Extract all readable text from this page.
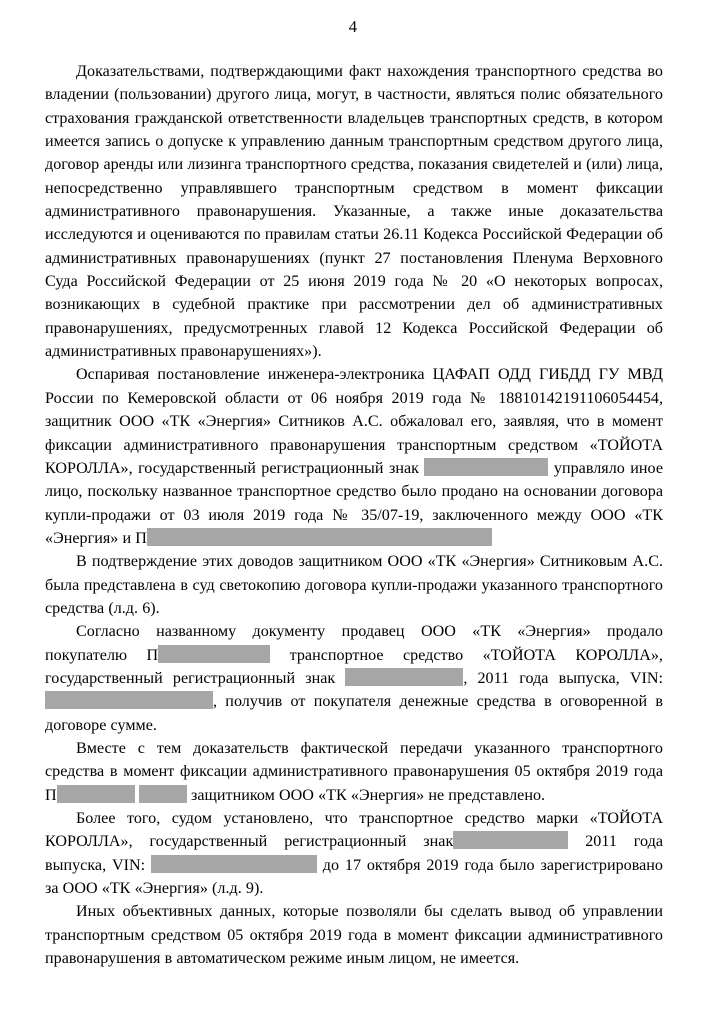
4

Доказательствами, подтверждающими факт нахождения транспортного средства во владении (пользовании) другого лица, могут, в частности, являться полис обязательного страхования гражданской ответственности владельцев транспортных средств, в котором имеется запись о допуске к управлению данным транспортным средством другого лица, договор аренды или лизинга транспортного средства, показания свидетелей и (или) лица, непосредственно управлявшего транспортным средством в момент фиксации административного правонарушения. Указанные, а также иные доказательства исследуются и оцениваются по правилам статьи 26.11 Кодекса Российской Федерации об административных правонарушениях (пункт 27 постановления Пленума Верховного Суда Российской Федерации от 25 июня 2019 года № 20 «О некоторых вопросах, возникающих в судебной практике при рассмотрении дел об административных правонарушениях, предусмотренных главой 12 Кодекса Российской Федерации об административных правонарушениях»).

Оспаривая постановление инженера-электроника ЦАФАП ОДД ГИБДД ГУ МВД России по Кемеровской области от 06 ноября 2019 года № 18810142191106054454, защитник ООО «ТК «Энергия» Ситников А.С. обжаловал его, заявляя, что в момент фиксации административного правонарушения транспортным средством «ТОЙОТА КОРОЛЛА», государственный регистрационный знак	управляло иное лицо, поскольку названное транспортное средство было продано на основании договора купли-продажи от 03 июля 2019 года № 35/07-19, заключенного между ООО «ТК «Энергия» и П

В подтверждение этих доводов защитником ООО «ТК «Энергия» Ситниковым А.С. была представлена в суд светокопию договора купли-продажи указанного транспортного средства (л.д. 6).

Согласно названному документу продавец ООО «ТК «Энергия» продало покупателю П	транспортное средство «ТОЙОТА КОРОЛЛА», государственный регистрационный знак	, 2011 года выпуска, VIN: , получив от покупателя денежные средства в оговоренной в договоре сумме.

Вместе с тем доказательств фактической передачи указанного транспортного средства в момент фиксации административного правонарушения 05 октября 2019 года П	защитником ООО «ТК «Энергия» не представлено.

Более того, судом установлено, что транспортное средство марки «ТОЙОТА КОРОЛЛА», государственный регистрационный знак	2011 года выпуска, VIN:	до 17 октября 2019 года было зарегистрировано за ООО «ТК «Энергия» (л.д. 9).

Иных объективных данных, которые позволяли бы сделать вывод об управлении транспортным средством 05 октября 2019 года в момент фиксации административного правонарушения в автоматическом режиме иным лицом, не имеется.
